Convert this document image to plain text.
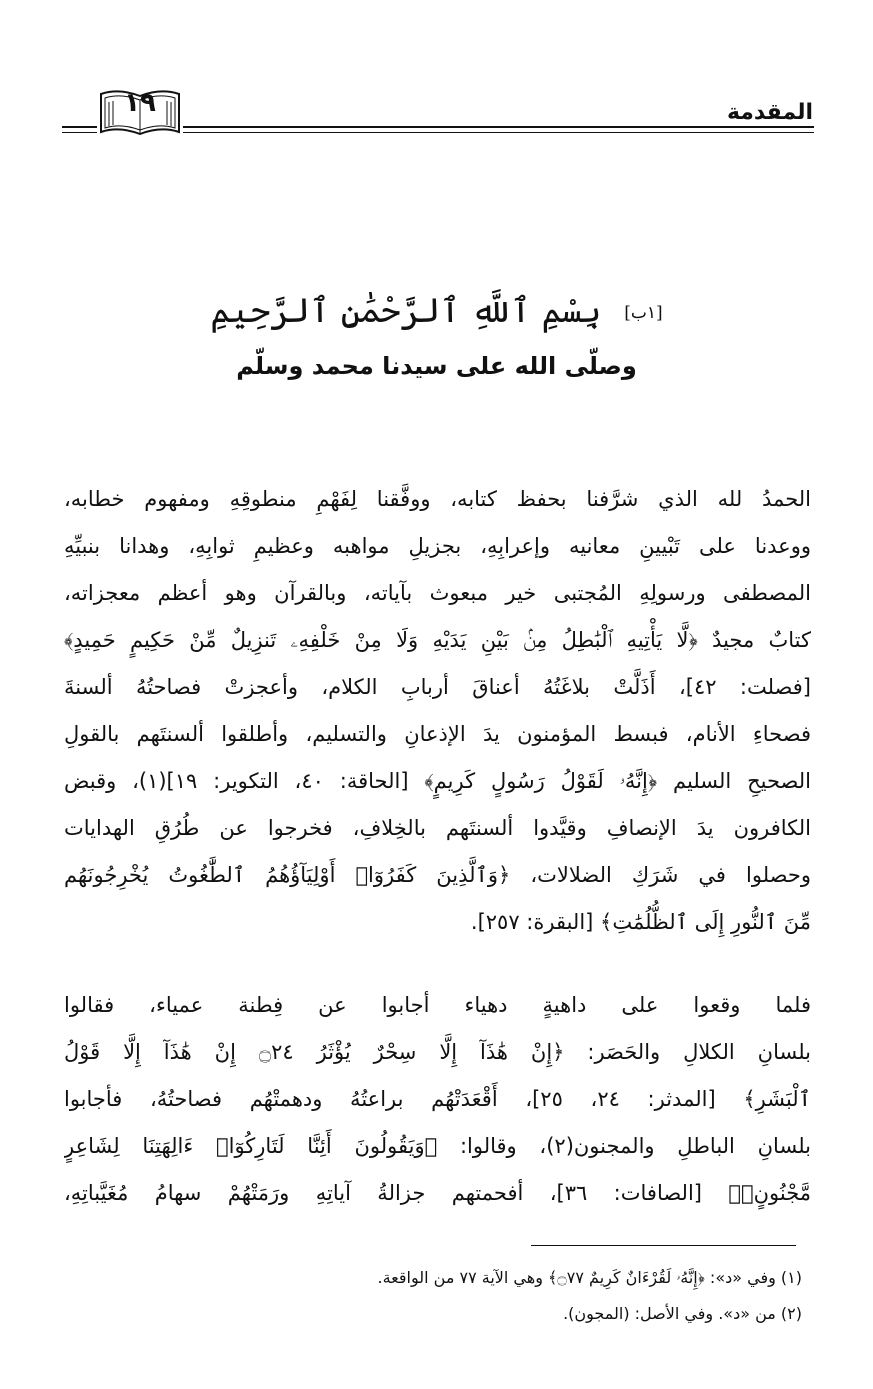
المقدمة
١٩
[١ب] بِسْمِ ٱللَّهِ ٱلرَّحْمَٰنِ ٱلرَّحِيمِ
وصلّى الله على سيدنا محمد وسلّم
الحمدُ لله الذي شرَّفنا بحفظ كتابه، ووفَّقنا لِفَهْمِ منطوقِهِ ومفهوم خطابه،
ووعدنا على تَبْيينِ معانيه وإعرابِهِ، بجزيلِ مواهبه وعظيمِ ثوابِهِ، وهدانا بنبيِّهِ
المصطفى ورسولِهِ المُجتبى خير مبعوث بآياته، وبالقرآن وهو أعظم معجزاته،
كتابٌ مجيدٌ ﴿لَّا يَأْتِيهِ ٱلْبَٰطِلُ مِنۢ بَيْنِ يَدَيْهِ وَلَا مِنْ خَلْفِهِۦ تَنزِيلٌ مِّنْ حَكِيمٍ حَمِيدٍ﴾
[فصلت: ٤٢]، أَذَلَّتْ بلاغَتُهُ أعناقَ أربابِ الكلام، وأعجزتْ فصاحتُهُ ألسنةَ
فصحاءِ الأنام، فبسط المؤمنون يدَ الإذعانِ والتسليم، وأطلقوا ألسنتَهم بالقولِ
الصحيحِ السليم ﴿إِنَّهُۥ لَقَوْلُ رَسُولٍ كَرِيمٍ﴾ [الحاقة: ٤٠، التكوير: ١٩](١)، وقبض
الكافرون يدَ الإنصافِ وقيَّدوا ألسنتَهم بالخِلافِ، فخرجوا عن طُرُقِ الهدايات
وحصلوا في شَرَكِ الضلالات، ﴿وَٱلَّذِينَ كَفَرُوٓا۟ أَوْلِيَآؤُهُمُ ٱلطَّٰغُوتُ يُخْرِجُونَهُم
مِّنَ ٱلنُّورِ إِلَى ٱلظُّلُمَٰتِ﴾ [البقرة: ٢٥٧].
فلما وقعوا على داهيةٍ دهياء أجابوا عن فِطنة عمياء، فقالوا
بلسانِ الكلالِ والحَصَر: ﴿إِنْ هَٰذَآ إِلَّا سِحْرٌ يُؤْثَرُ ۝٢٤ إِنْ هَٰذَآ إِلَّا قَوْلُ
ٱلْبَشَرِ﴾ [المدثر: ٢٤، ٢٥]، أَقْعَدَتْهُم براعتُهُ ودهمتْهُم فصاحتُهُ، فأجابوا
بلسانِ الباطلِ والمجنون(٢)، وقالوا: ﴿وَيَقُولُونَ أَئِنَّا لَتَارِكُوٓا۟ ءَالِهَتِنَا لِشَاعِرٍ
مَّجْنُونٍۭ﴾ [الصافات: ٣٦]، أفحمتهم جزالةُ آياتِهِ ورَمَتْهُمْ سهامُ مُغَيَّباتِهِ،
(١) وفي «د»: ﴿إِنَّهُۥ لَقُرْءَانٌ كَرِيمٌ ۝٧٧﴾ وهي الآية ٧٧ من الواقعة.
(٢) من «د». وفي الأصل: (المجون).
